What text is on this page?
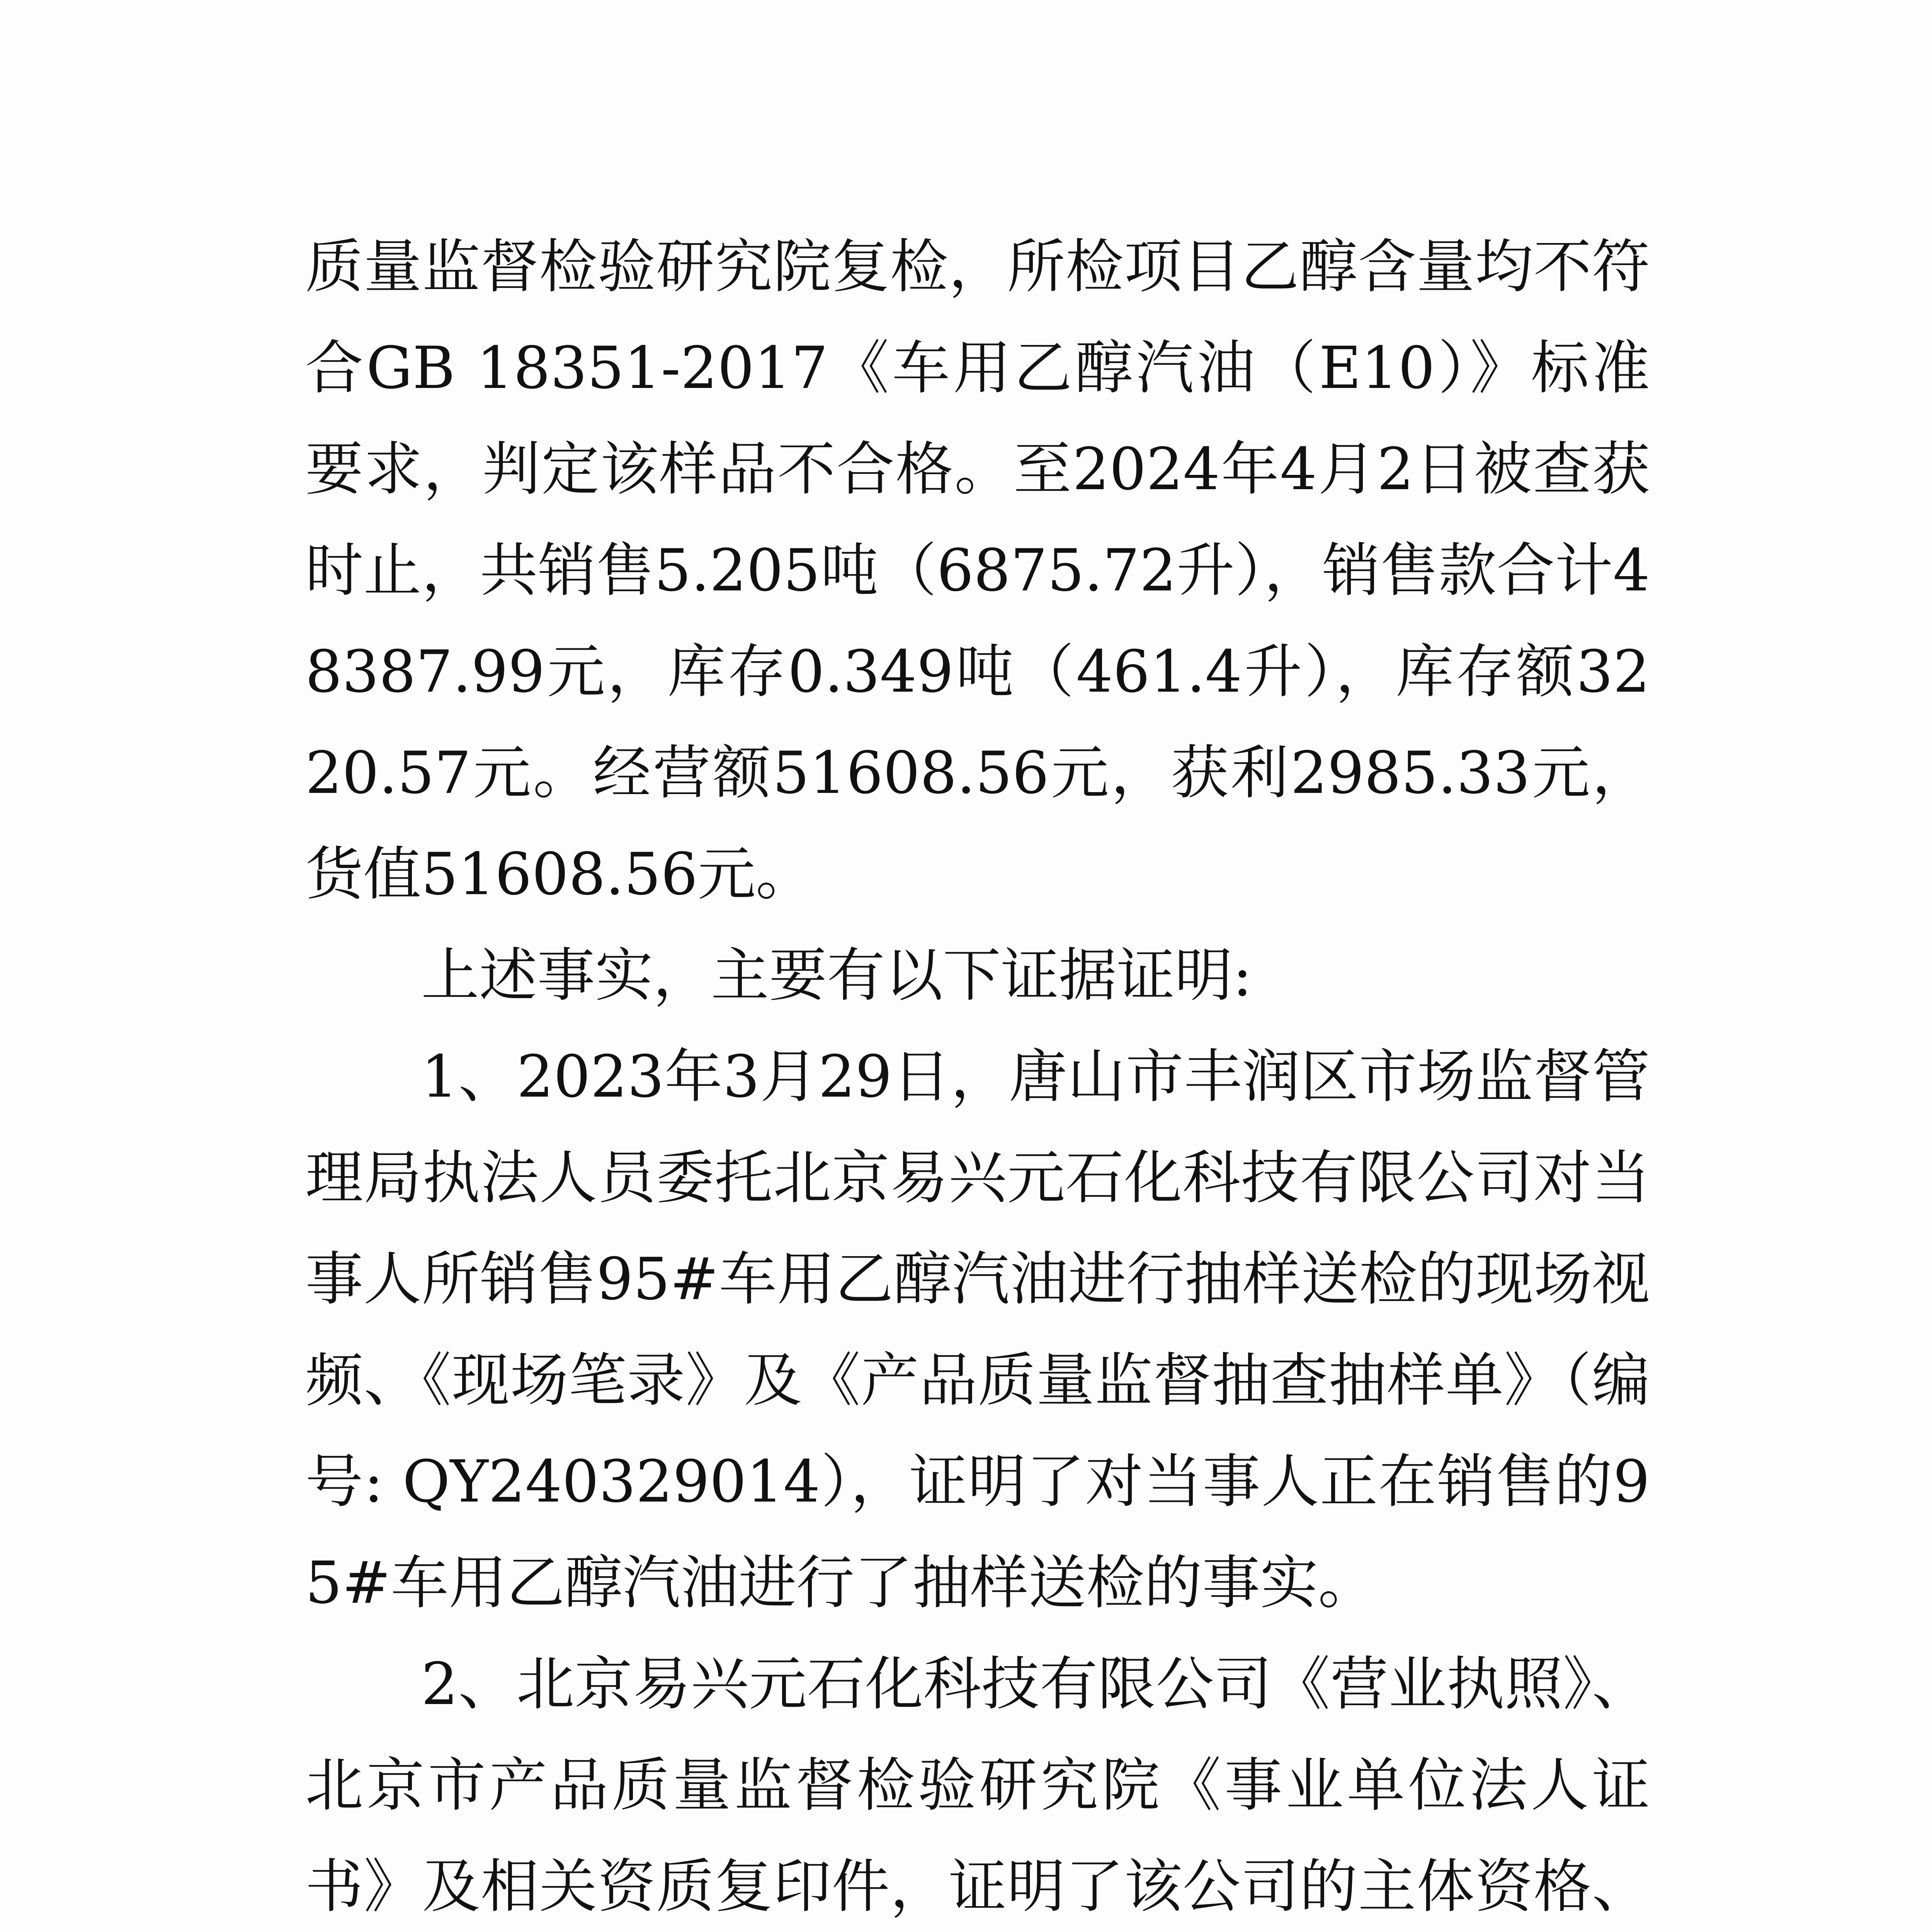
质量监督检验研究院复检，所检项目乙醇含量均不符合GB 18351-2017《车用乙醇汽油（E10）》标准要求，判定该样品不合格。至2024年4月2日被查获时止，共销售5.205吨（6875.72升），销售款合计48387.99元，库存0.349吨（461.4升），库存额3220.57元。经营额51608.56元，获利2985.33元，货值51608.56元。

上述事实，主要有以下证据证明:

1、2023年3月29日，唐山市丰润区市场监督管理局执法人员委托北京易兴元石化科技有限公司对当事人所销售95#车用乙醇汽油进行抽样送检的现场视频、《现场笔录》及《产品质量监督抽查抽样单》（编号: QY240329014），证明了对当事人正在销售的95#车用乙醇汽油进行了抽样送检的事实。

2、北京易兴元石化科技有限公司《营业执照》、北京市产品质量监督检验研究院《事业单位法人证书》及相关资质复印件，证明了该公司的主体资格、
